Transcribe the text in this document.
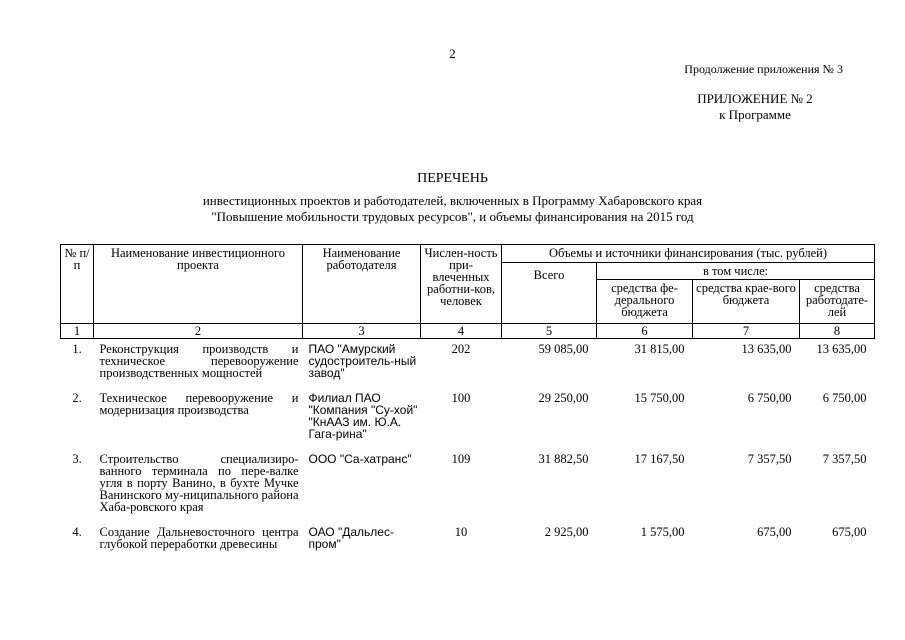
2
Продолжение приложения № 3
ПРИЛОЖЕНИЕ № 2
к Программе
ПЕРЕЧЕНЬ
инвестиционных проектов и работодателей, включенных в Программу Хабаровского края
"Повышение мобильности трудовых ресурсов", и объемы финансирования на 2015 год
№ п/п	Наименование инвестиционного проекта	Наименование работодателя	Числен-ность при-влеченных работни-ков, человек	Объемы и источники финансирования (тыс. рублей)			
				Всего	в том числе:		
					средства фе-дерального бюджета	средства крае-вого бюджета	средства работодате-лей
1	2	3	4	5	6	7	8
1.	Реконструкция производств и техническое перевооружение производственных мощностей	ПАО "Амурский судостроитель-ный завод"	202	59 085,00	31 815,00	13 635,00	13 635,00
2.	Техническое перевооружение и модернизация производства	Филиал ПАО "Компания "Су-хой" "КнААЗ им. Ю.А. Гага-рина"	100	29 250,00	15 750,00	6 750,00	6 750,00
3.	Строительство специализиро-ванного терминала по пере-валке угля в порту Ванино, в бухте Мучке Ванинского му-ниципального района Хаба-ровского края	ООО "Са-хатранс"	109	31 882,50	17 167,50	7 357,50	7 357,50
4.	Создание Дальневосточного центра глубокой переработки древесины	ОАО "Дальлес-пром"	10	2 925,00	1 575,00	675,00	675,00
